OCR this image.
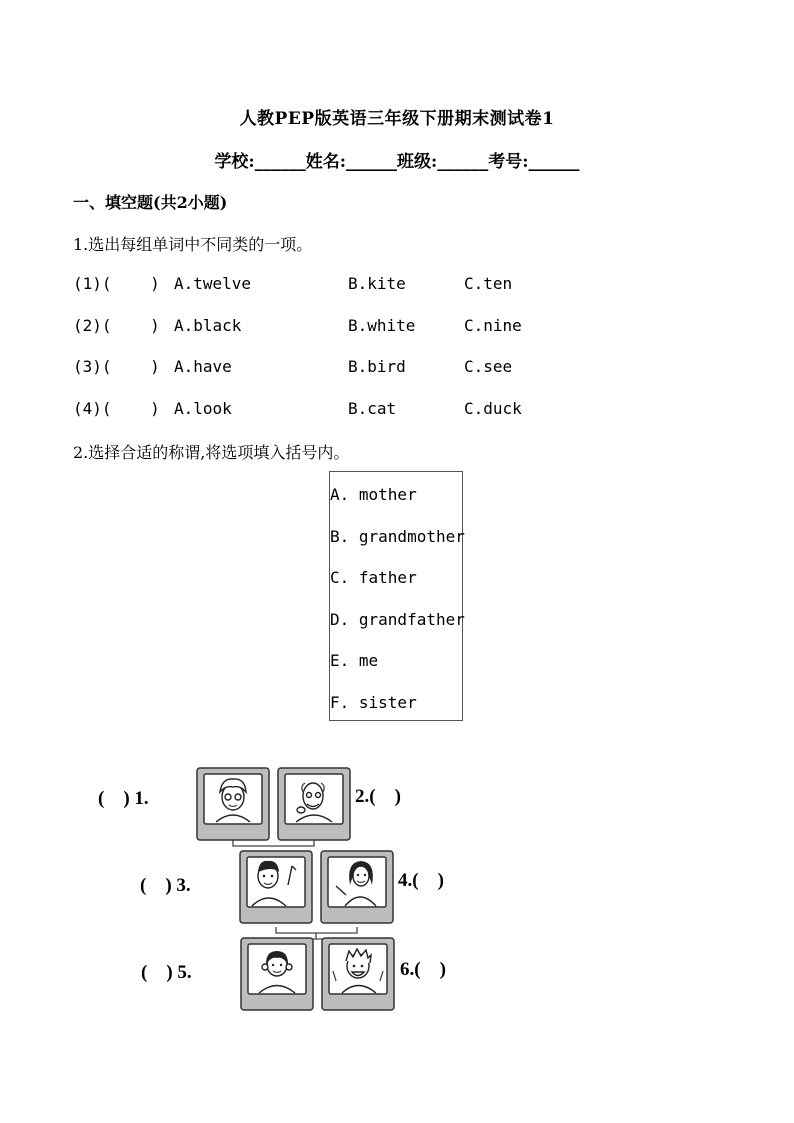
人教PEP版英语三年级下册期末测试卷1
学校:______姓名:______班级:______考号:______
一、填空题(共2小题)
1.选出每组单词中不同类的一项。
(1)(    ) A.twelve	B.kite	C.ten
(2)(    ) A.black	B.white	C.nine
(3)(    ) A.have	B.bird	C.see
(4)(    ) A.look	B.cat	C.duck
2.选择合适的称谓,将选项填入括号内。
A. mother
B. grandmother
C. father
D. grandfather
E. me
F. sister
(    ) 1.	2.(    )
(    ) 3.	4.(    )
(    ) 5.	6.(    )
